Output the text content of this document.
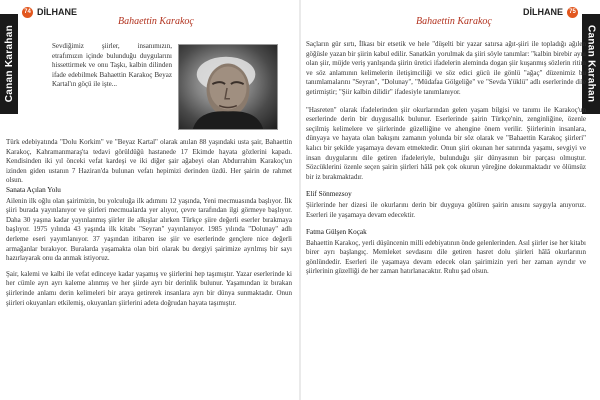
Canan Karahan
74 DİLHANE
Bahaettin Karakoç

Sevdiğimiz şiirler, insanımızın, etrafımızın içinde bulunduğu duygularını hissettirmek ve onu Taşkı, kalbin dilinden ifade edebilmek Bahaettin Karakoç Beyaz Kartal'ın göçü ile işte...

Türk edebiyatında "Dolu Korkim" ve "Beyaz Kartal" olarak anılan 88 yaşındaki usta şair, Bahaettin Karakoç, Kahramanmaraş'ta tedavi görüldüğü hastanede 17 Ekimde hayata gözlerini kapadı. Kendisinden iki yıl önceki vefat kardeşi ve iki diğer şair ağabeyi olan Abdurrahim Karakoç'un izinden giden ustanın 7 Haziran'da bulunan vefatı hepimizi derinden üzdü. Her şairin de rahmet olsun.

Sanata Açılan Yolu

Ailenin ilk oğlu olan şairimizin, bu yolculuğa ilk adımını 12 yaşında, Yeni mecmuasında başlıyor. İlk şiiri burada yayınlanıyor ve şiirleri mecmualarda yer alıyor, çevre tarafından ilgi görmeye başlıyor. Daha 30 yaşına kadar yayınlanmış şiirler ile alkışlar alırken Türkçe şiire değerli eserler bırakmaya başlıyor. 1975 yılında 43 yaşında ilk kitabı "Seyran" yayınlanıyor. 1985 yılında "Dolunay" adlı derleme eseri yayımlanıyor. 37 yaşından itibaren ise şiir ve eserlerinde gençlere nice değerli armağanlar bırakıyor. Buralarda yaşamakta olan biri olarak bu dergiyi şairimize ayrılmış bir sayı hazırlayarak onu da anmak istiyoruz.

Şair, kalemi ve kalbi ile vefat edinceye kadar yaşamış ve şiirlerini hep taşımıştır. Yazar eserlerinde ki her cümle ayrı ayrı kaleme alınmış ve her şiirde ayrı bir derinlik bulunur. Yaşamından iz bırakan şiirlerinde anlamı derin kelimeleri bir araya getirerek insanlara ayrı bir dünya sunmaktadır. Onun şiirleri okuyanları etkilemiş, okuyanları şiirlerini adeta doğrudan hayata taşımıştır.

Canan Karahan
DİLHANE	75
Bahaettin Karakoç

Saçların gür sırtı, İlkası bir etsetik ve hele "düşelti bir yazar satırsa ağıt-şiiri ile topladığı ağılen göğüsle yazan bir şiirin kabul edilir. Sanatkârı yorulmak da şiiri söyle tanımlar: "kalbin birebir aynı olan şiir, müjde veriş yanlışında şiirin üretici ifadelerin aleminda dogan şiir kuşanmış sözlerin ritim ve söz anlamının kelimelerin iletişimciliği ve söz edici gücü ile gönlü "ağaç" düzenimiz bu tanımlamalarını "Seyran", "Dolunay", "Müdafaa Gölgeliğe" ve "Sevda Yüklü" adlı eserlerinde dile getirmiştir; "Şiir kalbin dilidir" ifadesiyle tanımlanıyor.

"Hasreten" olarak ifadelerinden şiir okurlarından gelen yaşam bilgisi ve tanımı ile Karakoç'un eserlerinde derin bir duygusallık bulunur. Eserlerinde şairin Türkçe'nin, zenginliğine, özenle seçilmiş kelimelere ve şiirlerinde güzelliğine ve ahengine önem verilir. Şiirlerinin insanlara, dünyaya ve hayata olan bakışını zamanın yolunda bir söz olarak ve "Bahaettin Karakoç şiirleri" kalıcı bir şekilde yaşamaya devam etmektedir. Onun şiiri okunan her satırında yaşamı, sevgiyi ve insan duygularını dile getiren ifadeleriyle, bulunduğu şiir dünyasının bir parçası olmuştur. Sözcüklerini özenle seçen şairin şiirleri hâlâ pek çok okurun yüreğine dokunmaktadır ve ölümsüz bir iz bırakmaktadır.

Elif Sönmezsoy

Şiirlerinde her dizesi ile okurlarını derin bir duyguya götüren şairin anısını saygıyla anıyoruz. Eserleri ile yaşamaya devam edecektir.

Fatma Gülşen Koçak

Bahaettin Karakoç, yerli düşüncenin milli edebiyatının önde gelenlerinden. Asıl şiirler ise her kitabı birer ayrı başlangıç. Memleket sevdasını dile getiren hasret dolu şiirleri hâlâ okurlarının gönlündedir. Eserleri ile yaşamaya devam edecek olan şairimizin yeri her zaman ayrıdır ve şiirlerinin güzelliği de her zaman hatırlanacaktır. Ruhu şad olsun.
